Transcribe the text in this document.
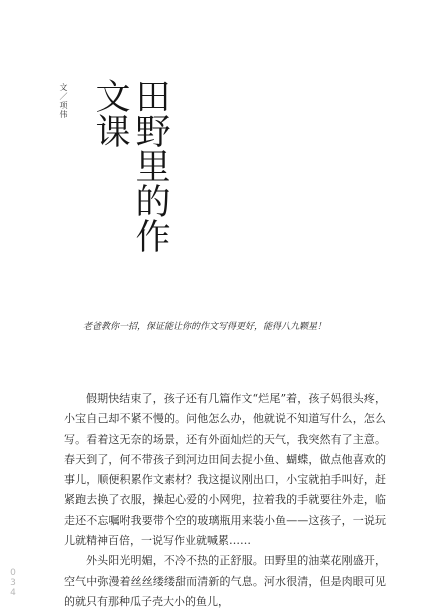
田野里的作文课
文／项伟
老爸教你一招，保证能让你的作文写得更好，能得八九颗星！

假期快结束了，孩子还有几篇作文“烂尾”着，孩子妈很头疼，小宝自己却不紧不慢的。问他怎么办，他就说不知道写什么，怎么写。看着这无奈的场景，还有外面灿烂的天气，我突然有了主意。春天到了，何不带孩子到河边田间去捉小鱼、蝴蝶，做点他喜欢的事儿，顺便积累作文素材？我这提议刚出口，小宝就拍手叫好，赶紧跑去换了衣服，操起心爱的小网兜，拉着我的手就要往外走，临走还不忘嘱咐我要带个空的玻璃瓶用来装小鱼——这孩子，一说玩儿就精神百倍，一说写作业就喊累……

外头阳光明媚，不冷不热的正舒服。田野里的油菜花刚盛开，空气中弥漫着丝丝缕缕甜而清新的气息。河水很清，但是肉眼可见的就只有那种瓜子壳大小的鱼儿，

034
